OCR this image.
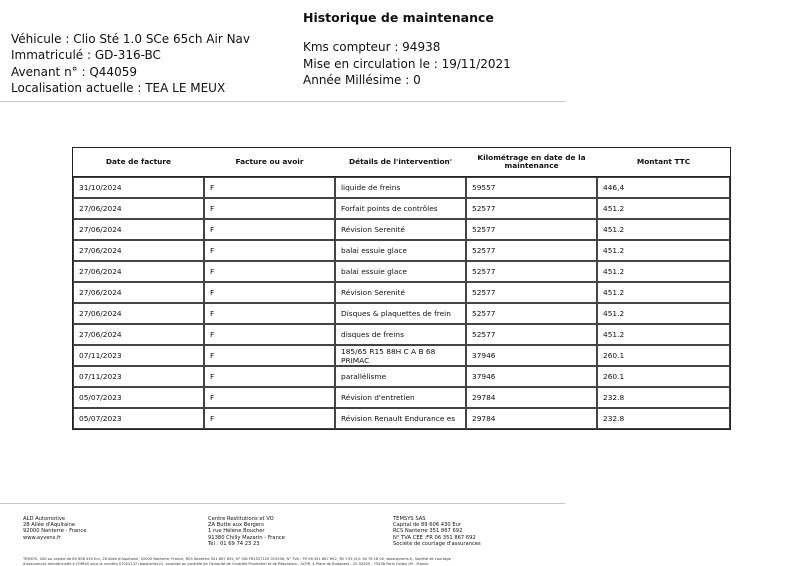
Historique de maintenance
Véhicule : Clio Sté 1.0 SCe 65ch Air Nav
Immatriculé : GD-316-BC
Avenant n° : Q44059
Localisation actuelle : TEA LE MEUX
Kms compteur : 94938
Mise en circulation le : 19/11/2021
Année Millésime : 0
Date de facture	Facture ou avoir	Détails de l'intervention'	Kilométrage en date de la maintenance	Montant TTC
31/10/2024	F	liquide de freins	59557	446,4

27/06/2024	F	Forfait points de contrôles	52577	451.2

27/06/2024	F	Révision Serenité	52577	451.2

27/06/2024	F	balai essuie glace	52577	451.2

27/06/2024	F	balai essuie glace	52577	451.2

27/06/2024	F	Révision Serenité	52577	451.2

27/06/2024	F	Disques & plaquettes de frein	52577	451.2

27/06/2024	F	disques de freins	52577	451.2

07/11/2023	F	185/65 R15 88H C A B 68 PRIMAC	37946	260.1

07/11/2023	F	parallélisme	37946	260.1

05/07/2023	F	Révision d'entretien	29784	232.8

05/07/2023	F	Révision Renault Endurance es	29784	232.8
ALD Automotive
28 Allée d'Aquitaine
92000 Nanterre - France
www.ayvens.fr
Centre Restitutions et VO
ZA Butte aux Bergers
1 rue Hélène Boucher
91380 Chilly Mazarin - France
Tél : 01 69 74 23 23
TEMSYS SAS
Capital de 89 606 430 Eur
RCS Nanterre 351 867 692
N° TVA CEE :FR 06 351 867 692
Société de courtage d'assurances
TEMSYS, SAS au capital de 89 606 430 Eur, 28 Allée d'Aquitaine, 92000 Nanterre, France, RCS Nanterre 351 867 692, N° ISN FR2527125 015508, N° TVA : FR 06 351 867 692, Tél +33 (0)1 56 76 18 00, www.ayvens.fr, Société de courtage
d'assurances immatriculée à l'ORIAS sous le numéro 07022137 (www.orias.fr), soumise au contrôle de l'Autorité de Contrôle Prudentiel et de Résolution - ACPR, 4 Place de Budapest - CS 92459 - 75436 Paris Cedex 09 - France
